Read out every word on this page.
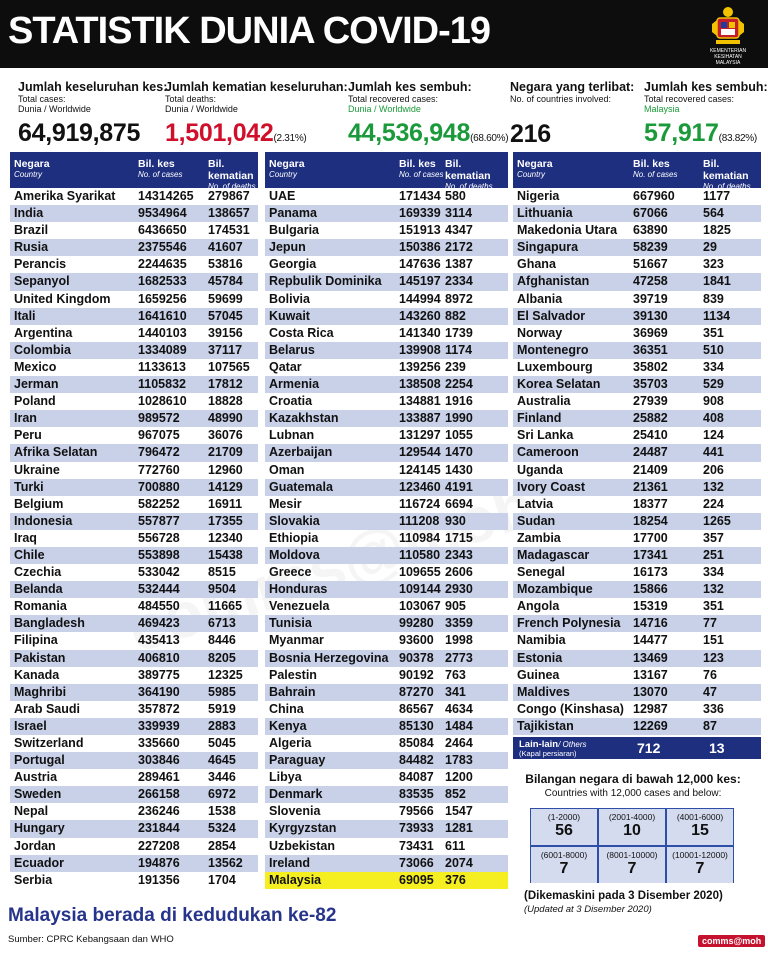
STATISTIK DUNIA COVID-19	KEMENTERIAN KESIHATAN MALAYSIA
Jumlah keseluruhan kes:
Total cases:
Dunia / Worldwide
64,919,875
Jumlah kematian keseluruhan:
Total deaths:
Dunia / Worldwide
1,501,042(2.31%)
Jumlah kes sembuh:
Total recovered cases:
Dunia / Worldwide
44,536,948(68.60%)
Negara yang terlibat:
No. of countries involved:
216
Jumlah kes sembuh:
Total recovered cases:
Malaysia
57,917(83.82%)
Negara
Country
Bil. kes
No. of cases
Bil. kematian
No. of deaths
Amerika Syarikat 14314265 279867
India	9534964 138657
Brazil	6436650 174531
Rusia	2375546 41607
Perancis	2244635 53816
Sepanyol	1682533 45784
United Kingdom 1659256 59699
Itali	1641610 57045
Argentina	1440103 39156
Colombia	1334089 37117
Mexico	1133613 107565
Jerman	1105832 17812
Poland	1028610 18828
Iran	989572 48990
Peru	967075 36076
Afrika Selatan	796472 21709
Ukraine	772760 12960
Turki	700880 14129
Belgium	582252 16911
Indonesia	557877 17355
Iraq	556728 12340
Chile	553898 15438
Czechia	533042 8515
Belanda	532444 9504
Romania	484550 11665
Bangladesh	469423 6713
Filipina	435413 8446
Pakistan	406810 8205
Kanada	389775 12325
Maghribi	364190 5985
Arab Saudi	357872 5919
Israel	339939 2883
Switzerland	335660 5045
Portugal	303846 4645
Austria	289461 3446
Sweden	266158 6972
Nepal	236246 1538
Hungary	231844 5324
Jordan	227208 2854
Ecuador	194876 13562
Serbia	191356 1704
Negara
Country
Bil. kes
No. of cases
Bil. kematian
No. of deaths
UAE	171434 580
Panama	169339 3114
Bulgaria	151913 4347
Jepun	150386 2172
Georgia	147636 1387
Repbulik Dominika 145197 2334
Bolivia	144994 8972
Kuwait	143260 882
Costa Rica	141340 1739
Belarus	139908 1174
Qatar	139256 239
Armenia	138508 2254
Croatia	134881 1916
Kazakhstan	133887 1990
Lubnan	131297 1055
Azerbaijan	129544 1470
Oman	124145 1430
Guatemala	123460 4191
Mesir	116724 6694
Slovakia	111208 930
Ethiopia	110984 1715
Moldova	110580 2343
Greece	109655 2606
Honduras	109144 2930
Venezuela	103067 905
Tunisia	99280 3359
Myanmar	93600 1998
Bosnia Herzegovina 90378 2773
Palestin	90192 763
Bahrain	87270 341
China	86567 4634
Kenya	85130 1484
Algeria	85084 2464
Paraguay	84482 1783
Libya	84087 1200
Denmark	83535 852
Slovenia	79566 1547
Kyrgyzstan	73933 1281
Uzbekistan	73431 611
Ireland	73066 2074
Malaysia	69095 376
Negara
Country
Bil. kes
No. of cases
Bil. kematian
No. of deaths
Nigeria	667960 1177
Lithuania	67066	564
Makedonia Utara 63890	1825
Singapura	58239	29
Ghana	51667	323
Afghanistan	47258	1841
Albania	39719	839
El Salvador	39130	1134
Norway	36969	351
Montenegro	36351	510
Luxembourg	35802	334
Korea Selatan	35703	529
Australia	27939	908
Finland	25882	408
Sri Lanka	25410	124
Cameroon	24487	441
Uganda	21409	206
Ivory Coast	21361	132
Latvia	18377	224
Sudan	18254	1265
Zambia	17700	357
Madagascar	17341	251
Senegal	16173	334
Mozambique	15866	132
Angola	15319	351
French Polynesia 14716	77
Namibia	14477	151
Estonia	13469	123
Guinea	13167	76
Maldives	13070	47
Congo (Kinshasa) 12987	336
Tajikistan	12269	87
Lain-lain/ Others
(Kapal persiaran)	712	13
Bilangan negara di bawah 12,000 kes:
Countries with 12,000 cases and below:
(1-2000)
56
(2001-4000)
10
(4001-6000)
15
(6001-8000)
7
(8001-10000)
7
(10001-12000)
7
(Dikemaskini pada 3 Disember 2020)
(Updated at 3 Disember 2020)
Malaysia berada di kedudukan ke-82
Sumber: CPRC Kebangsaan dan WHO	comms@moh
